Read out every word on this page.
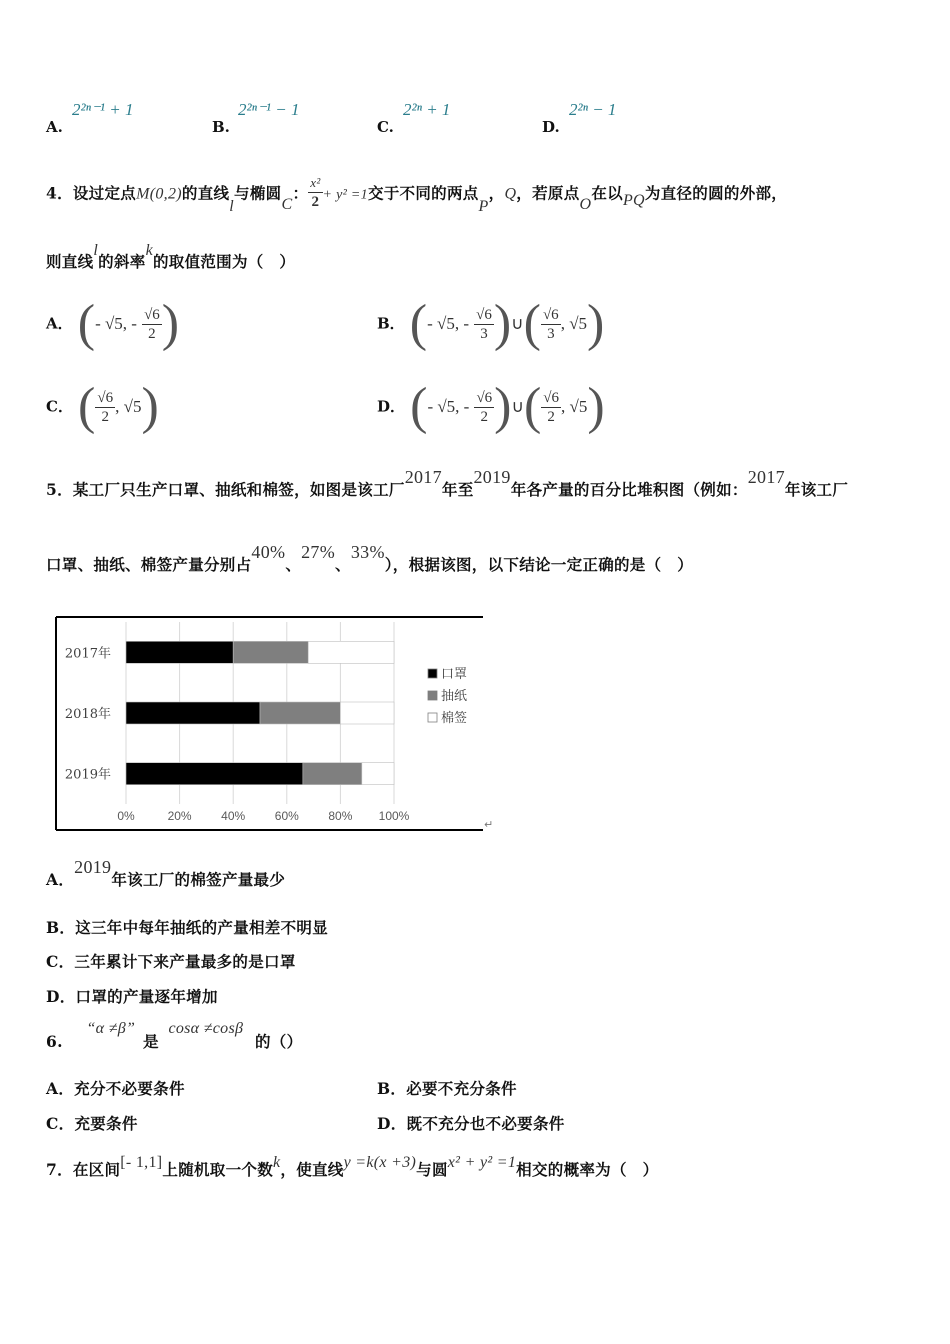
A.
2²ⁿ⁻¹ + 1
B.
2²ⁿ⁻¹ − 1
C.
2²ⁿ + 1
D.
2²ⁿ − 1
4．设过定点M(0,2)的直线l与椭圆C： $\frac{\text{x²}}{2} + y^2 =1$交于不同的两点P，Q，若原点O在以PQ为直径的圆的外部，
则直线l的斜率k的取值范围为（　）
A． (- √5, - $\frac{√6}{2}$ )	B． (- √5, - $\frac{√6}{3}$ )∪( $\frac{√6}{3}$ , √5)
C． ( $\frac{√6}{2}$ , √5)	D． (- √5, - $\frac{√6}{2}$ )∪( $\frac{√6}{2}$ , √5)
5．某工厂只生产口罩、抽纸和棉签，如图是该工厂2017年至2019年各产量的百分比堆积图（例如：2017年该工厂
口罩、抽纸、棉签产量分别占40%、27%、33%），根据该图，以下结论一定正确的是（　）
0%	20% 40% 60% 80% 100%
2017年
2018年
2019年
口罩
抽纸
棉签
↵
A．2019年该工厂的棉签产量最少
B．这三年中每年抽纸的产量相差不明显
C．三年累计下来产量最多的是口罩
D．口罩的产量逐年增加
6. “α ≠β” 是 cosα ≠cosβ 的（）
A．充分不必要条件	B．必要不充分条件
C．充要条件	D．既不充分也不必要条件
7．在区间[- 1,1]上随机取一个数k，使直线y =k(x +3)与圆x² + y² =1相交的概率为（　）
